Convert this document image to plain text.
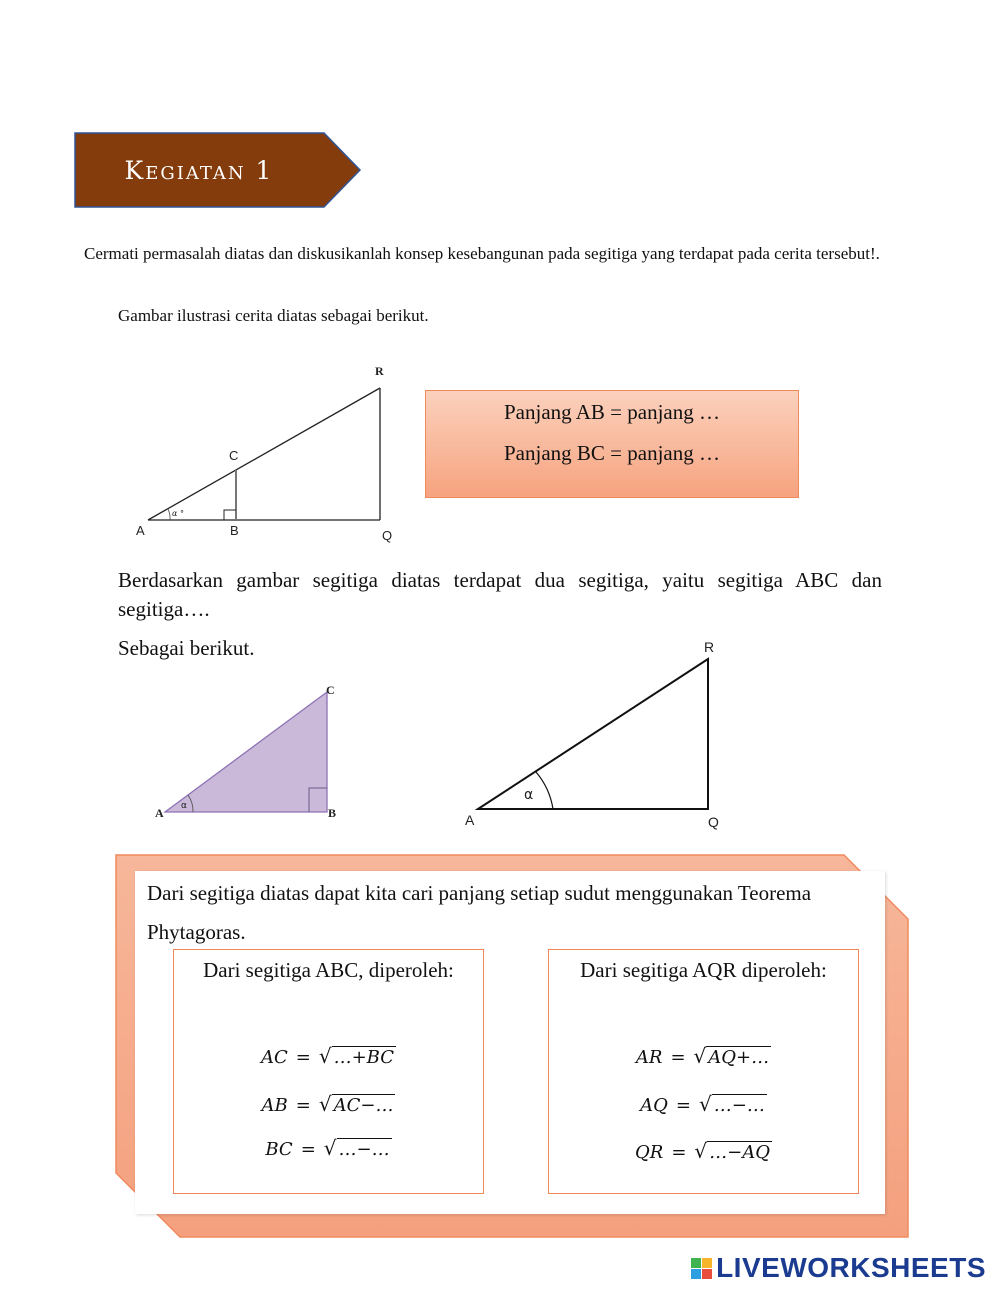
Kegiatan 1
Cermati permasalah diatas dan diskusikanlah konsep kesebangunan pada segitiga yang terdapat pada cerita tersebut!.
Gambar ilustrasi cerita diatas sebagai berikut.
R
C
A	B	Q
α °
Panjang AB = panjang …
Panjang BC = panjang …
Berdasarkan gambar segitiga diatas terdapat dua segitiga, yaitu segitiga ABC dan segitiga….
Sebagai berikut.
C
A	B
α
R
A	Q
α
Dari segitiga diatas dapat kita cari panjang setiap sudut menggunakan Teorema Phytagoras.
Dari segitiga ABC, diperoleh:
AC = √ …+BC
AB = √ AC−…
BC = √ …−…
Dari segitiga AQR diperoleh:
AR = √ AQ+…
AQ = √ …−…
QR = √ …−AQ
LIVEWORKSHEETS
